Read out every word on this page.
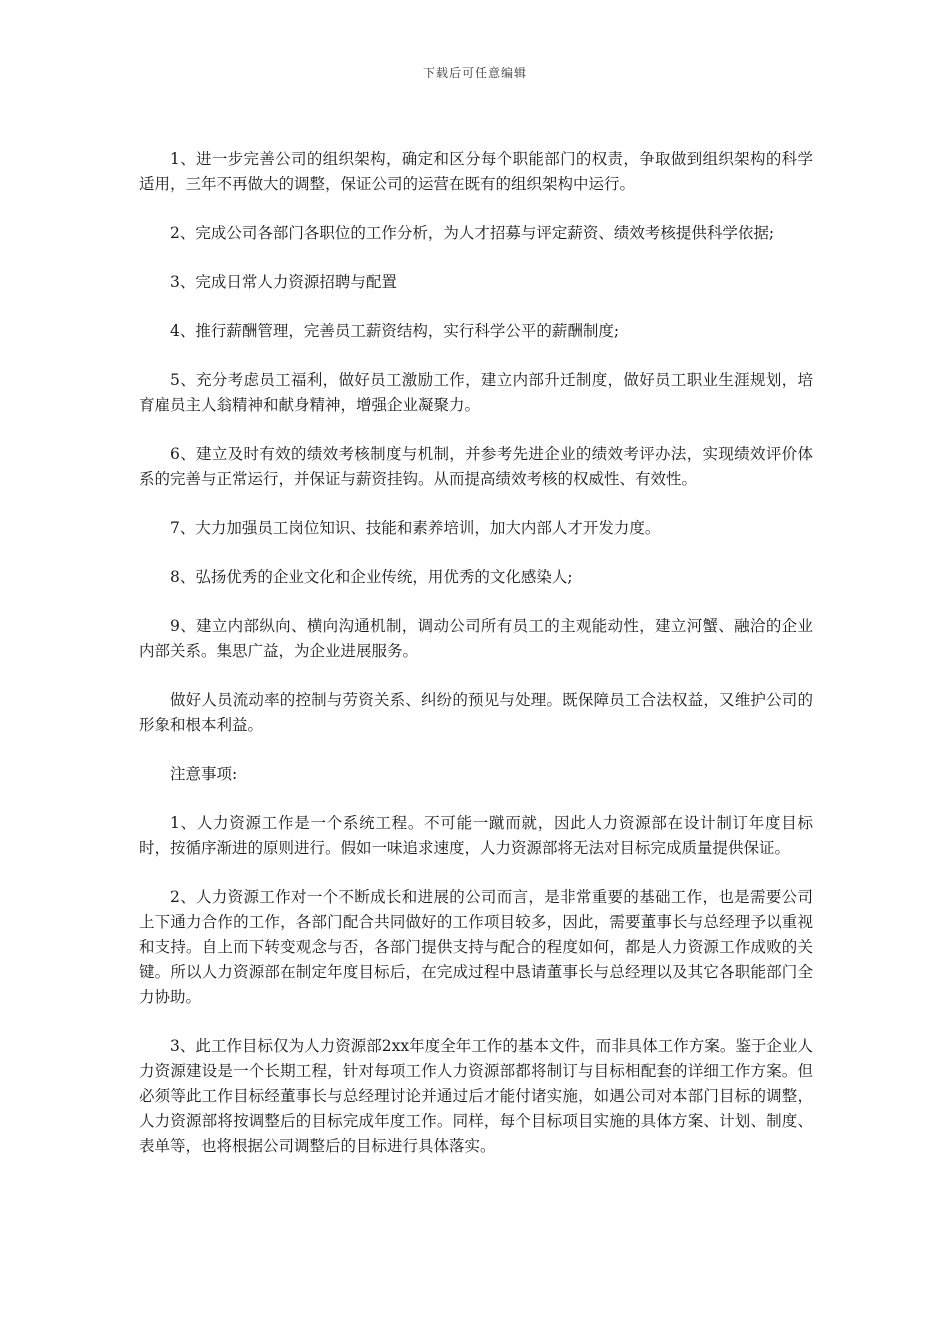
下载后可任意编辑

1、进一步完善公司的组织架构，确定和区分每个职能部门的权责，争取做到组织架构的科学适用，三年不再做大的调整，保证公司的运营在既有的组织架构中运行。

2、完成公司各部门各职位的工作分析，为人才招募与评定薪资、绩效考核提供科学依据;

3、完成日常人力资源招聘与配置

4、推行薪酬管理，完善员工薪资结构，实行科学公平的薪酬制度;

5、充分考虑员工福利，做好员工激励工作，建立内部升迁制度，做好员工职业生涯规划，培育雇员主人翁精神和献身精神，增强企业凝聚力。

6、建立及时有效的绩效考核制度与机制，并参考先进企业的绩效考评办法，实现绩效评价体系的完善与正常运行，并保证与薪资挂钩。从而提高绩效考核的权威性、有效性。

7、大力加强员工岗位知识、技能和素养培训，加大内部人才开发力度。

8、弘扬优秀的企业文化和企业传统，用优秀的文化感染人;

9、建立内部纵向、横向沟通机制，调动公司所有员工的主观能动性，建立河蟹、融洽的企业内部关系。集思广益，为企业进展服务。

做好人员流动率的控制与劳资关系、纠纷的预见与处理。既保障员工合法权益，又维护公司的形象和根本利益。

注意事项:

1、人力资源工作是一个系统工程。不可能一蹴而就，因此人力资源部在设计制订年度目标时，按循序渐进的原则进行。假如一味追求速度，人力资源部将无法对目标完成质量提供保证。

2、人力资源工作对一个不断成长和进展的公司而言，是非常重要的基础工作，也是需要公司上下通力合作的工作，各部门配合共同做好的工作项目较多，因此，需要董事长与总经理予以重视和支持。自上而下转变观念与否，各部门提供支持与配合的程度如何，都是人力资源工作成败的关键。所以人力资源部在制定年度目标后，在完成过程中恳请董事长与总经理以及其它各职能部门全力协助。

3、此工作目标仅为人力资源部2xx年度全年工作的基本文件，而非具体工作方案。鉴于企业人力资源建设是一个长期工程，针对每项工作人力资源部都将制订与目标相配套的详细工作方案。但必须等此工作目标经董事长与总经理讨论并通过后才能付诸实施，如遇公司对本部门目标的调整，人力资源部将按调整后的目标完成年度工作。同样，每个目标项目实施的具体方案、计划、制度、表单等，也将根据公司调整后的目标进行具体落实。
